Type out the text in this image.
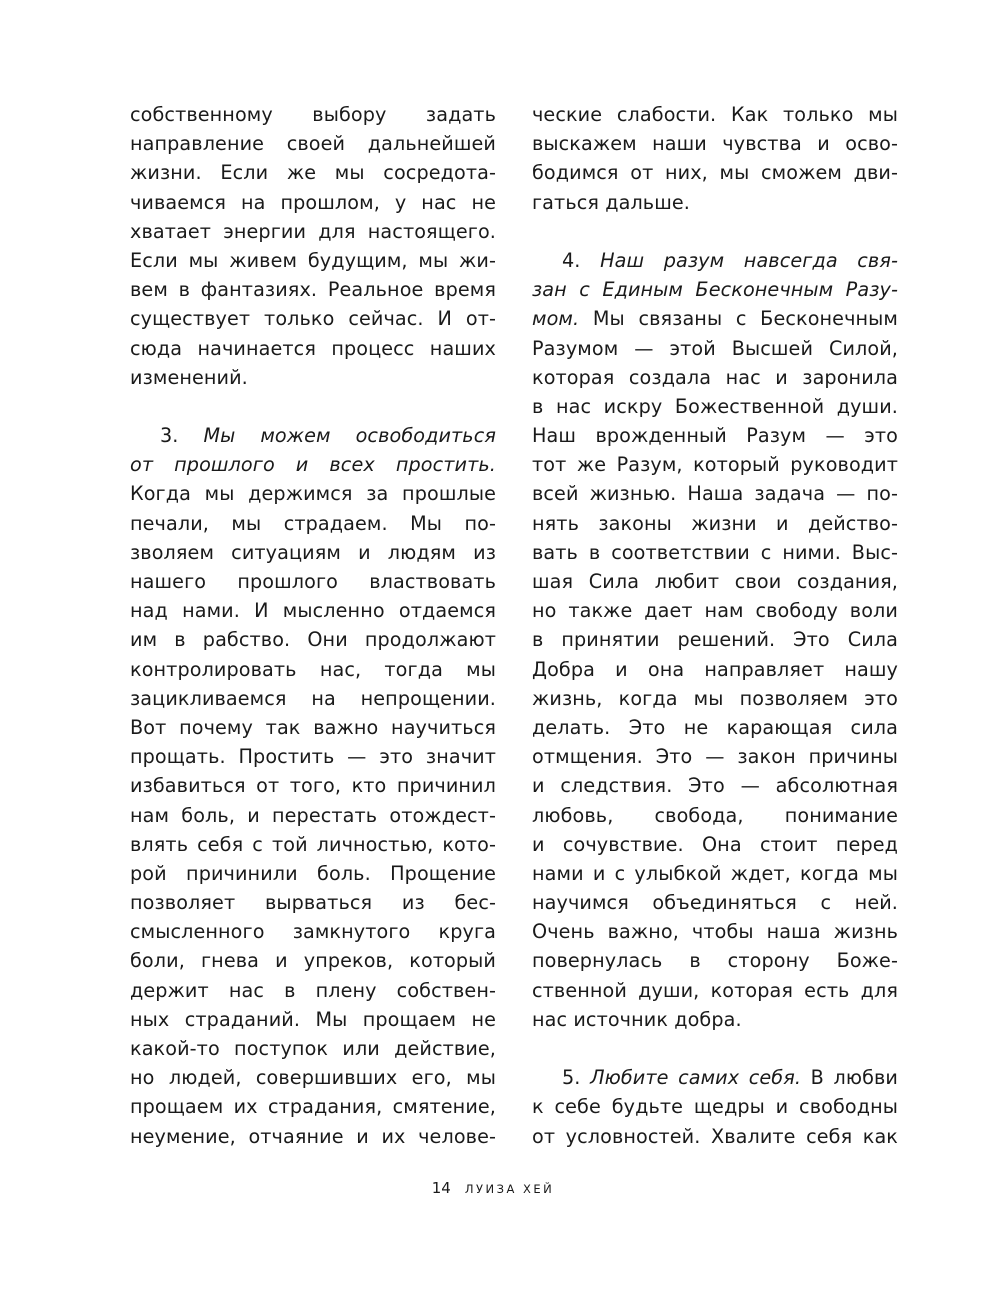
собственному выбору задать
направление своей дальнейшей
жизни. Если же мы сосредота-
чиваемся на прошлом, у нас не
хватает энергии для настоящего.
Если мы живем будущим, мы жи-
вем в фантазиях. Реальное время
существует только сейчас. И от-
сюда начинается процесс наших
изменений.
3. Мы можем освободиться
от прошлого и всех простить.
Когда мы держимся за прошлые
печали, мы страдаем. Мы по-
зволяем ситуациям и людям из
нашего прошлого властвовать
над нами. И мысленно отдаемся
им в рабство. Они продолжают
контролировать нас, тогда мы
зацикливаемся на непрощении.
Вот почему так важно научиться
прощать. Простить — это значит
избавиться от того, кто причинил
нам боль, и перестать отождест-
влять себя с той личностью, кото-
рой причинили боль. Прощение
позволяет вырваться из бес-
смысленного замкнутого круга
боли, гнева и упреков, который
держит нас в плену собствен-
ных страданий. Мы прощаем не
какой-то поступок или действие,
но людей, совершивших его, мы
прощаем их страдания, смятение,
неумение, отчаяние и их челове-
ческие слабости. Как только мы
выскажем наши чувства и осво-
бодимся от них, мы сможем дви-
гаться дальше.
4. Наш разум навсегда свя-
зан с Единым Бесконечным Разу-
мом. Мы связаны с Бесконечным
Разумом — этой Высшей Силой,
которая создала нас и заронила
в нас искру Божественной души.
Наш врожденный Разум — это
тот же Разум, который руководит
всей жизнью. Наша задача — по-
нять законы жизни и действо-
вать в соответствии с ними. Выс-
шая Сила любит свои создания,
но также дает нам свободу воли
в принятии решений. Это Сила
Добра и она направляет нашу
жизнь, когда мы позволяем это
делать. Это не карающая сила
отмщения. Это — закон причины
и следствия. Это — абсолютная
любовь, свобода, понимание
и сочувствие. Она стоит перед
нами и с улыбкой ждет, когда мы
научимся объединяться с ней.
Очень важно, чтобы наша жизнь
повернулась в сторону Боже-
ственной души, которая есть для
нас источник добра.
5. Любите самих себя. В любви
к себе будьте щедры и свободны
от условностей. Хвалите себя как
14 ЛУИЗА ХЕЙ
